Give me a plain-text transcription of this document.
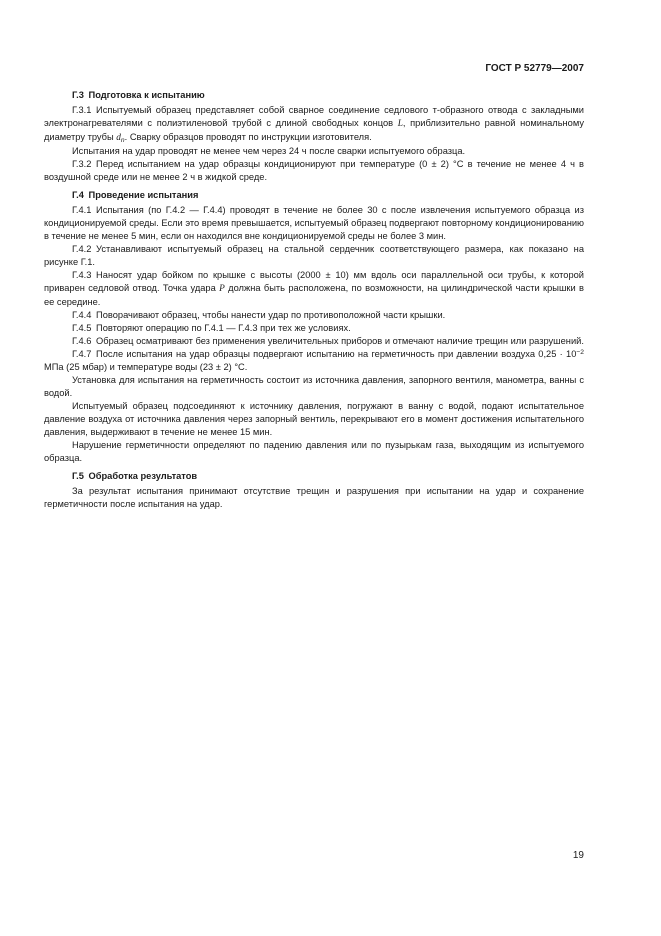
ГОСТ Р 52779—2007
Г.3 Подготовка к испытанию

Г.3.1 Испытуемый образец представляет собой сварное соединение седлового т-образного отвода с закладными электронагревателями с полиэтиленовой трубой с длиной свободных концов L, приблизительно равной номинальному диаметру трубы $d_n$. Сварку образцов проводят по инструкции изготовителя.

Испытания на удар проводят не менее чем через 24 ч после сварки испытуемого образца.

Г.3.2 Перед испытанием на удар образцы кондиционируют при температуре (0 ± 2) °С в течение не менее 4 ч в воздушной среде или не менее 2 ч в жидкой среде.

Г.4 Проведение испытания

Г.4.1 Испытания (по Г.4.2 — Г.4.4) проводят в течение не более 30 с после извлечения испытуемого образца из кондиционируемой среды. Если это время превышается, испытуемый образец подвергают повторному кондиционированию в течение не менее 5 мин, если он находился вне кондиционируемой среды не более 3 мин.

Г.4.2 Устанавливают испытуемый образец на стальной сердечник соответствующего размера, как показано на рисунке Г.1.

Г.4.3 Наносят удар бойком по крышке с высоты (2000 ± 10) мм вдоль оси параллельной оси трубы, к которой приварен седловой отвод. Точка удара Р должна быть расположена, по возможности, на цилиндрической части крышки в ее середине.

Г.4.4 Поворачивают образец, чтобы нанести удар по противоположной части крышки.

Г.4.5 Повторяют операцию по Г.4.1 — Г.4.3 при тех же условиях.

Г.4.6 Образец осматривают без применения увеличительных приборов и отмечают наличие трещин или разрушений.

Г.4.7 После испытания на удар образцы подвергают испытанию на герметичность при давлении воздуха $0,25 \cdot 10^{-2}$ МПа (25 мбар) и температуре воды (23 ± 2) °С.

Установка для испытания на герметичность состоит из источника давления, запорного вентиля, манометра, ванны с водой.

Испытуемый образец подсоединяют к источнику давления, погружают в ванну с водой, подают испытательное давление воздуха от источника давления через запорный вентиль, перекрывают его в момент достижения испытательного давления, выдерживают в течение не менее 15 мин.

Нарушение герметичности определяют по падению давления или по пузырькам газа, выходящим из испытуемого образца.

Г.5 Обработка результатов

За результат испытания принимают отсутствие трещин и разрушения при испытании на удар и сохранение герметичности после испытания на удар.

19
